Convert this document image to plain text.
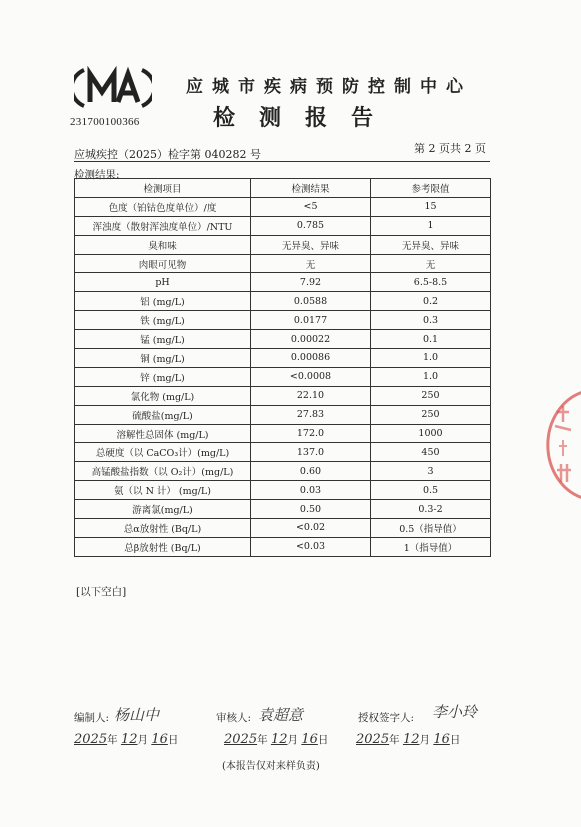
231700100366
应城市疾病预防控制中心
检测报告
应城疾控（2025）检字第 040282 号	第 2 页共 2 页
检测结果:
检测项目	检测结果	参考限值
色度（铂钴色度单位）/度	<5	15
浑浊度（散射浑浊度单位）/NTU	0.785	1
臭和味	无异臭、异味	无异臭、异味
肉眼可见物	无	无
pH	7.92	6.5-8.5
铝 (mg/L)	0.0588	0.2
铁 (mg/L)	0.0177	0.3
锰 (mg/L)	0.00022	0.1
铜 (mg/L)	0.00086	1.0
锌 (mg/L)	<0.0008	1.0
氯化物 (mg/L)	22.10	250
硫酸盐(mg/L)	27.83	250
溶解性总固体 (mg/L)	172.0	1000
总硬度（以 CaCO₃计）(mg/L)	137.0	450
高锰酸盐指数（以 O₂计）(mg/L)	0.60	3
氨（以 N 计） (mg/L)	0.03	0.5
游离氯(mg/L)	0.50	0.3-2
总α放射性 (Bq/L)	<0.02	0.5（指导值）
总β放射性 (Bq/L)	<0.03	1（指导值）
[以下空白]
编制人: 杨山中	审核人: 袁超意	授权签字人: 李小玲
2025年 12月 16日	2025年 12月 16日 2025年 12月 16日
(本报告仅对来样负责)
